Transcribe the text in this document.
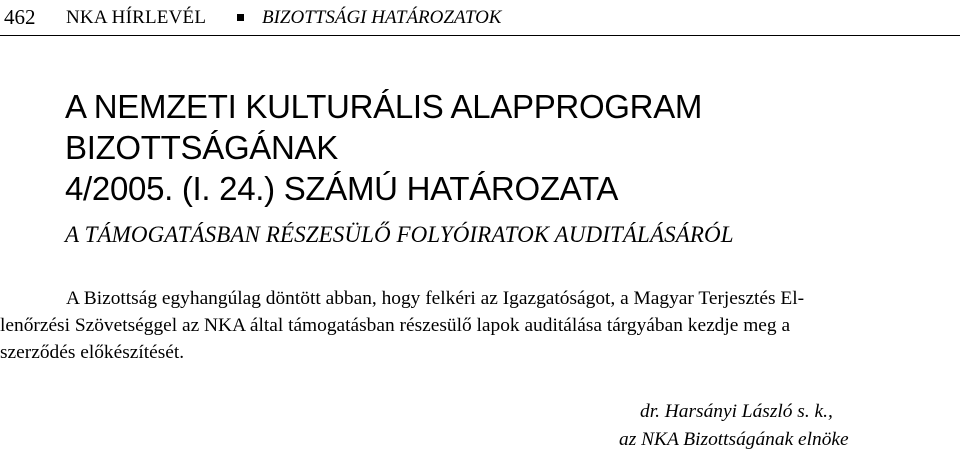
462 NKA HÍRLEVÉL	BIZOTTSÁGI HATÁROZATOK
A NEMZETI KULTURÁLIS ALAPPROGRAM
BIZOTTSÁGÁNAK
4/2005. (I. 24.) SZÁMÚ HATÁROZATA
A TÁMOGATÁSBAN RÉSZESÜLŐ FOLYÓIRATOK AUDITÁLÁSÁRÓL
A Bizottság egyhangúlag döntött abban, hogy felkéri az Igazgatóságot, a Magyar Terjesztés El-
lenőrzési Szövetséggel az NKA által támogatásban részesülő lapok auditálása tárgyában kezdje meg a
szerződés előkészítését.
dr. Harsányi László s. k.,
az NKA Bizottságának elnöke
